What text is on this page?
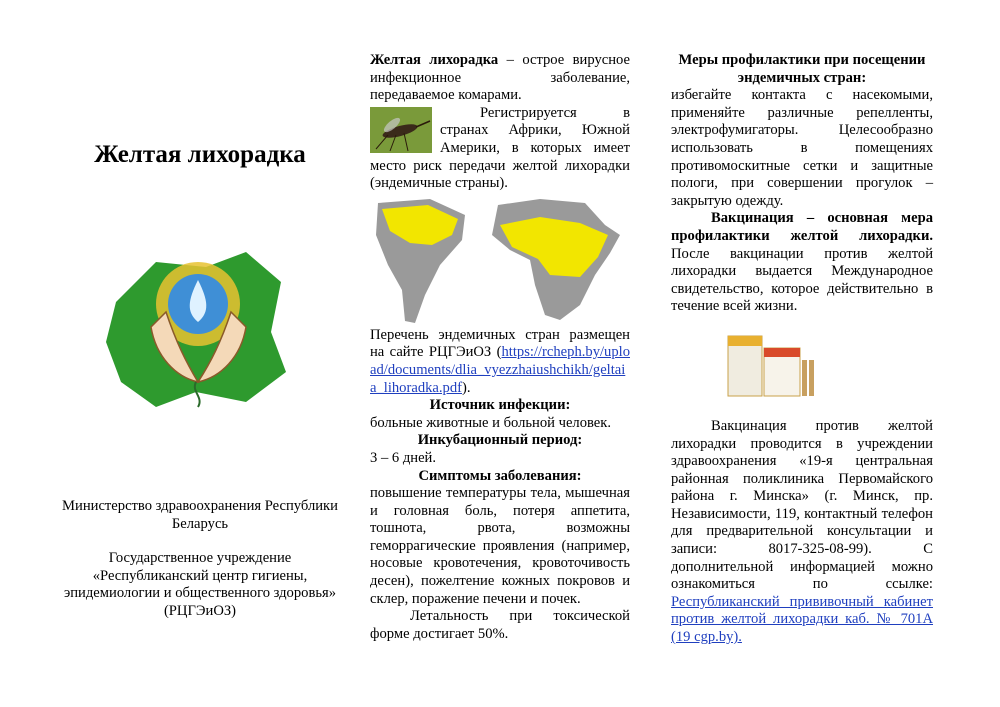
Желтая лихорадка

Министерство здравоохранения Республики Беларусь

Государственное учреждение «Республиканский центр гигиены, эпидемиологии и общественного здоровья» (РЦГЭиОЗ)

Желтая лихорадка – острое вирусное инфекционное заболевание, передаваемое комарами.
Регистрируется в странах Африки, Южной Америки, в которых имеет место риск передачи желтой лихорадки (эндемичные страны).
Перечень эндемичных стран размещен на сайте РЦГЭиОЗ (https://rcheph.by/upload/documents/dlia_vyezzhaiushchikh/geltaia_lihoradka.pdf).
Источник инфекции:
больные животные и больной человек.
Инкубационный период:
3 – 6 дней.
Симптомы заболевания:
повышение температуры тела, мышечная и головная боль, потеря аппетита, тошнота, рвота, возможны геморрагические проявления (например, носовые кровотечения, кровоточивость десен), пожелтение кожных покровов и склер, поражение печени и почек.
Летальность при токсической форме достигает 50%.
Меры профилактики при посещении эндемичных стран:
избегайте контакта с насекомыми, применяйте различные репелленты, электрофумигаторы. Целесообразно использовать в помещениях противомоскитные сетки и защитные пологи, при совершении прогулок – закрытую одежду.
Вакцинация – основная мера профилактики желтой лихорадки. После вакцинации против желтой лихорадки выдается Международное свидетельство, которое действительно в течение всей жизни.
Вакцинация против желтой лихорадки проводится в учреждении здравоохранения «19-я центральная районная поликлиника Первомайского района г. Минска» (г. Минск, пр. Независимости, 119, контактный телефон для предварительной консультации и записи: 8017-325-08-99). С дополнительной информацией можно ознакомиться по ссылке: Республиканский прививочный кабинет против желтой лихорадки каб. № 701А (19 cgp.by).
